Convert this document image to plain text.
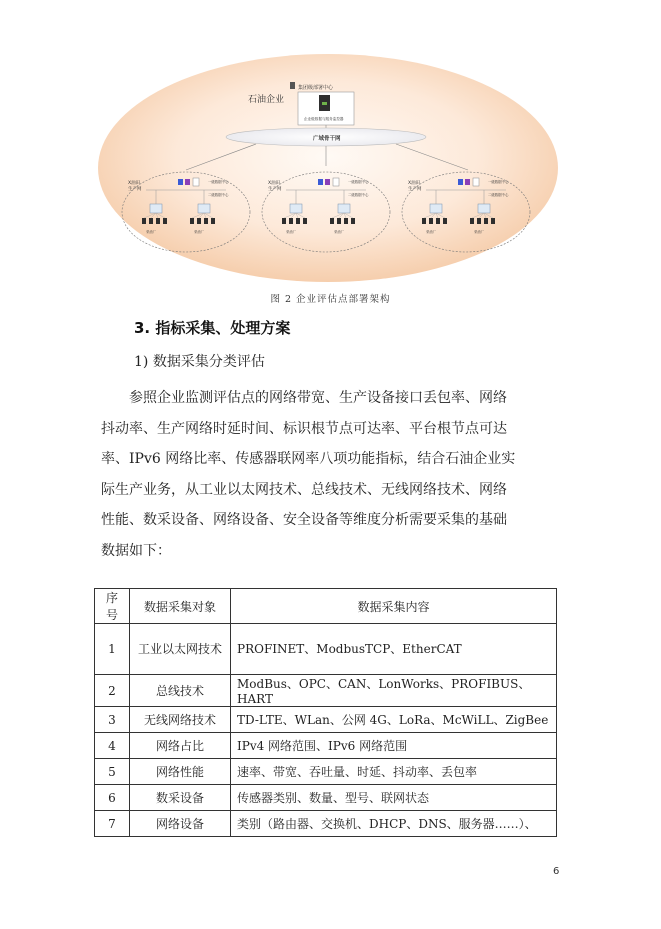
石油企业
集团级部署中心
企业级数据与服务监控器
广域骨干网
X油田
生产网
一级数据中心
二级数据中心
采油厂	采油厂
X油田
生产网
一级数据中心
二级数据中心
采油厂	采油厂
X油田
生产网
一级数据中心
二级数据中心
采油厂	采油厂
图 2 企业评估点部署架构
3. 指标采集、处理方案
1) 数据采集分类评估
　　参照企业监测评估点的网络带宽、生产设备接口丢包率、网络
抖动率、生产网络时延时间、标识根节点可达率、平台根节点可达
率、IPv6 网络比率、传感器联网率八项功能指标，结合石油企业实
际生产业务，从工业以太网技术、总线技术、无线网络技术、网络
性能、数采设备、网络设备、安全设备等维度分析需要采集的基础
数据如下：
序号	数据采集对象	数据采集内容
1	工业以太网技术	PROFINET、ModbusTCP、EtherCAT
2	总线技术	ModBus、OPC、CAN、LonWorks、PROFIBUS、HART
3	无线网络技术	TD-LTE、WLan、公网 4G、LoRa、McWiLL、ZigBee
4	网络占比	IPv4 网络范围、IPv6 网络范围
5	网络性能	速率、带宽、吞吐量、时延、抖动率、丢包率
6	数采设备	传感器类别、数量、型号、联网状态
7	网络设备	类别（路由器、交换机、DHCP、DNS、服务器……）、
6
